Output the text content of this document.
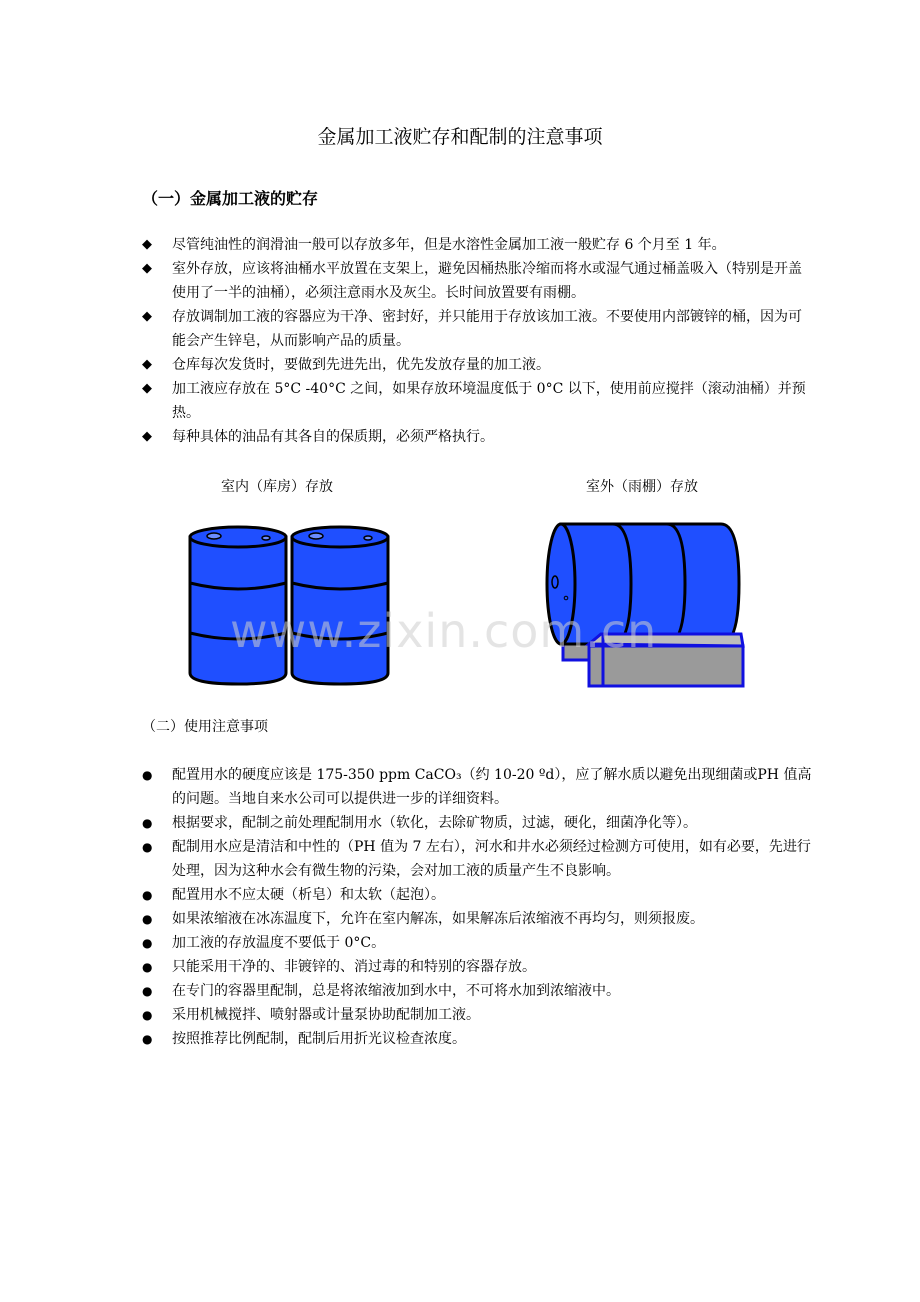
金属加工液贮存和配制的注意事项
（一）金属加工液的贮存
◆ 尽管纯油性的润滑油一般可以存放多年，但是水溶性金属加工液一般贮存 6 个月至 1 年。
◆ 室外存放，应该将油桶水平放置在支架上，避免因桶热胀冷缩而将水或湿气通过桶盖吸入（特别是开盖使用了一半的油桶），必须注意雨水及灰尘。长时间放置要有雨棚。
◆ 存放调制加工液的容器应为干净、密封好，并只能用于存放该加工液。不要使用内部镀锌的桶，因为可能会产生锌皂，从而影响产品的质量。
◆ 仓库每次发货时，要做到先进先出，优先发放存量的加工液。
◆ 加工液应存放在 5°C -40°C 之间，如果存放环境温度低于 0°C 以下，使用前应搅拌（滚动油桶）并预热。
◆ 每种具体的油品有其各自的保质期，必须严格执行。
室内（库房）存放	室外（雨棚）存放
www.zixin.com.cn
（二）使用注意事项
● 配置用水的硬度应该是 175-350 ppm CaCO₃（约 10-20 ºd），应了解水质以避免出现细菌或PH 值高的问题。当地自来水公司可以提供进一步的详细资料。
● 根据要求，配制之前处理配制用水（软化，去除矿物质，过滤，硬化，细菌净化等）。
● 配制用水应是清洁和中性的（PH 值为 7 左右），河水和井水必须经过检测方可使用，如有必要，先进行处理，因为这种水会有微生物的污染，会对加工液的质量产生不良影响。
● 配置用水不应太硬（析皂）和太软（起泡）。
● 如果浓缩液在冰冻温度下，允许在室内解冻，如果解冻后浓缩液不再均匀，则须报废。
● 加工液的存放温度不要低于 0°C。
● 只能采用干净的、非镀锌的、消过毒的和特别的容器存放。
● 在专门的容器里配制，总是将浓缩液加到水中，不可将水加到浓缩液中。
● 采用机械搅拌、喷射器或计量泵协助配制加工液。
● 按照推荐比例配制，配制后用折光议检查浓度。
